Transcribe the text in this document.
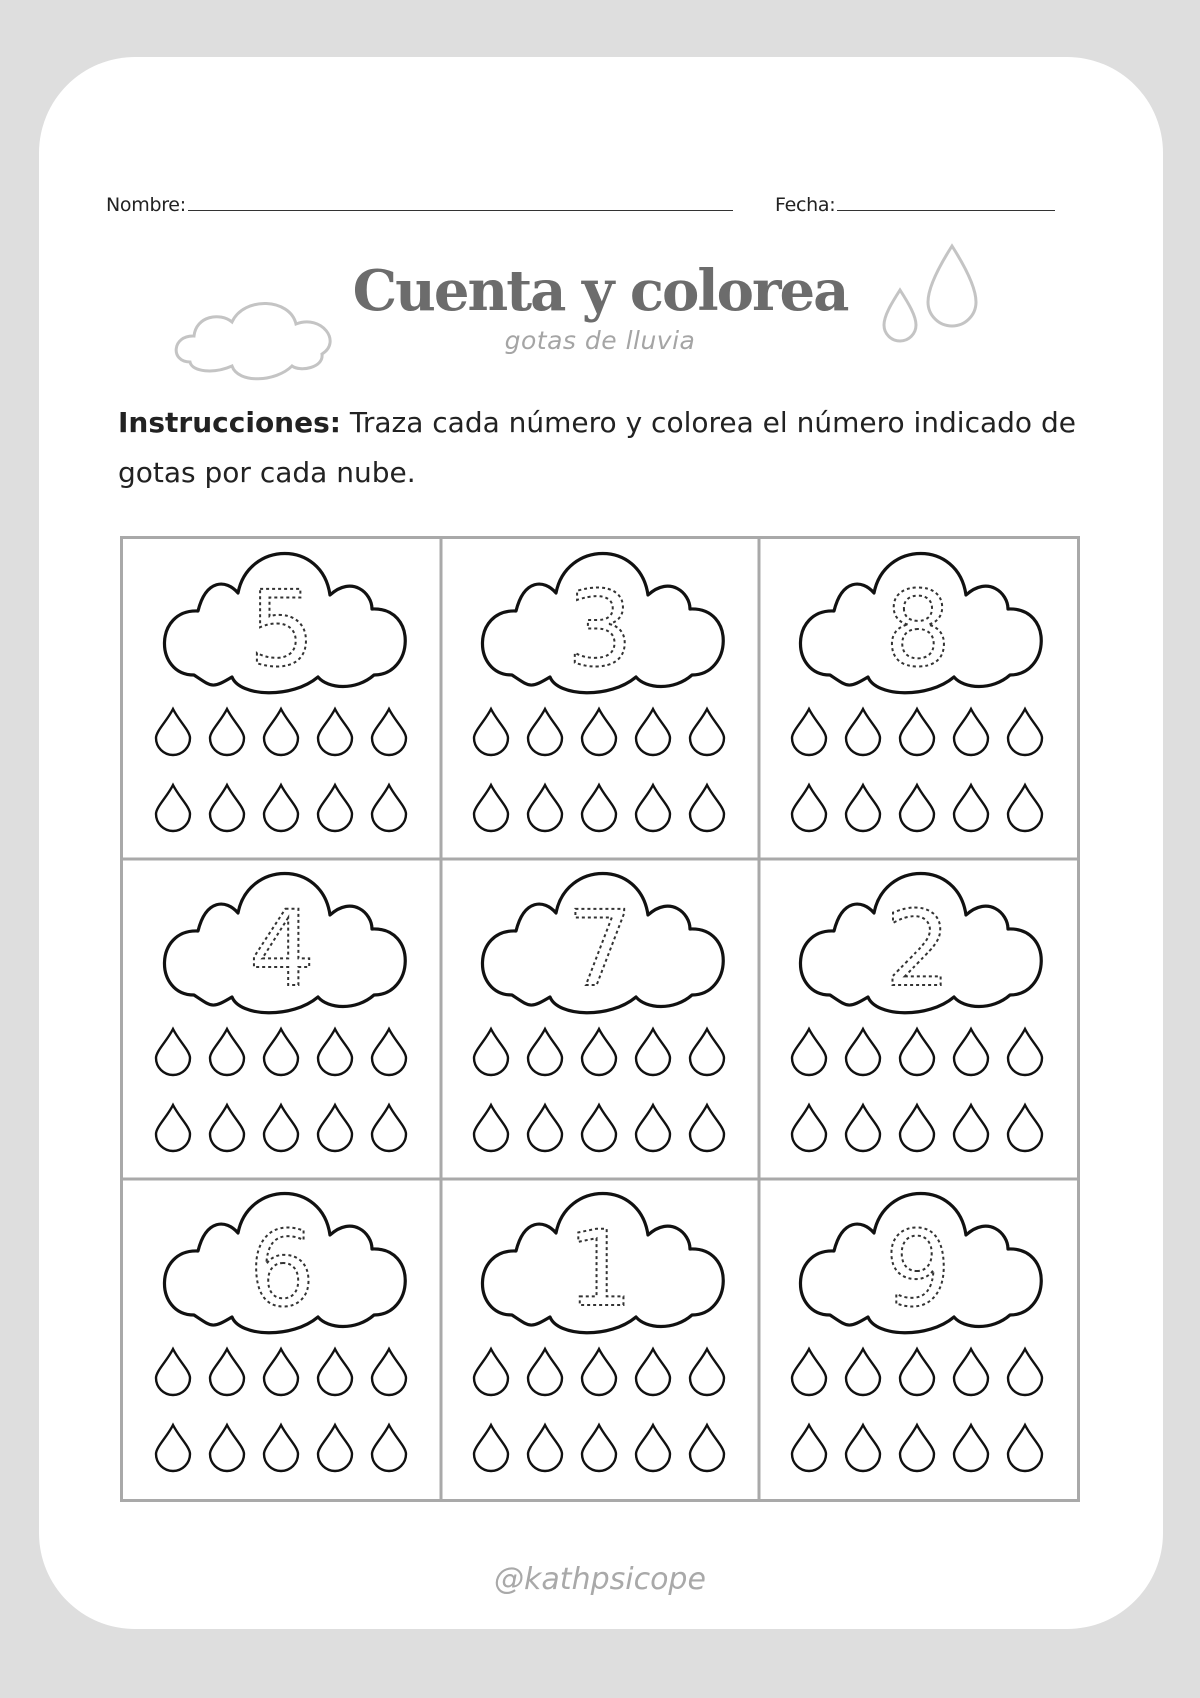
Nombre:	Fecha:
Cuenta y colorea
gotas de lluvia
Instrucciones: Traza cada número y colorea el número indicado de gotas por cada nube.
5 3 8
4 7 2
6 1 9
@kathpsicope
